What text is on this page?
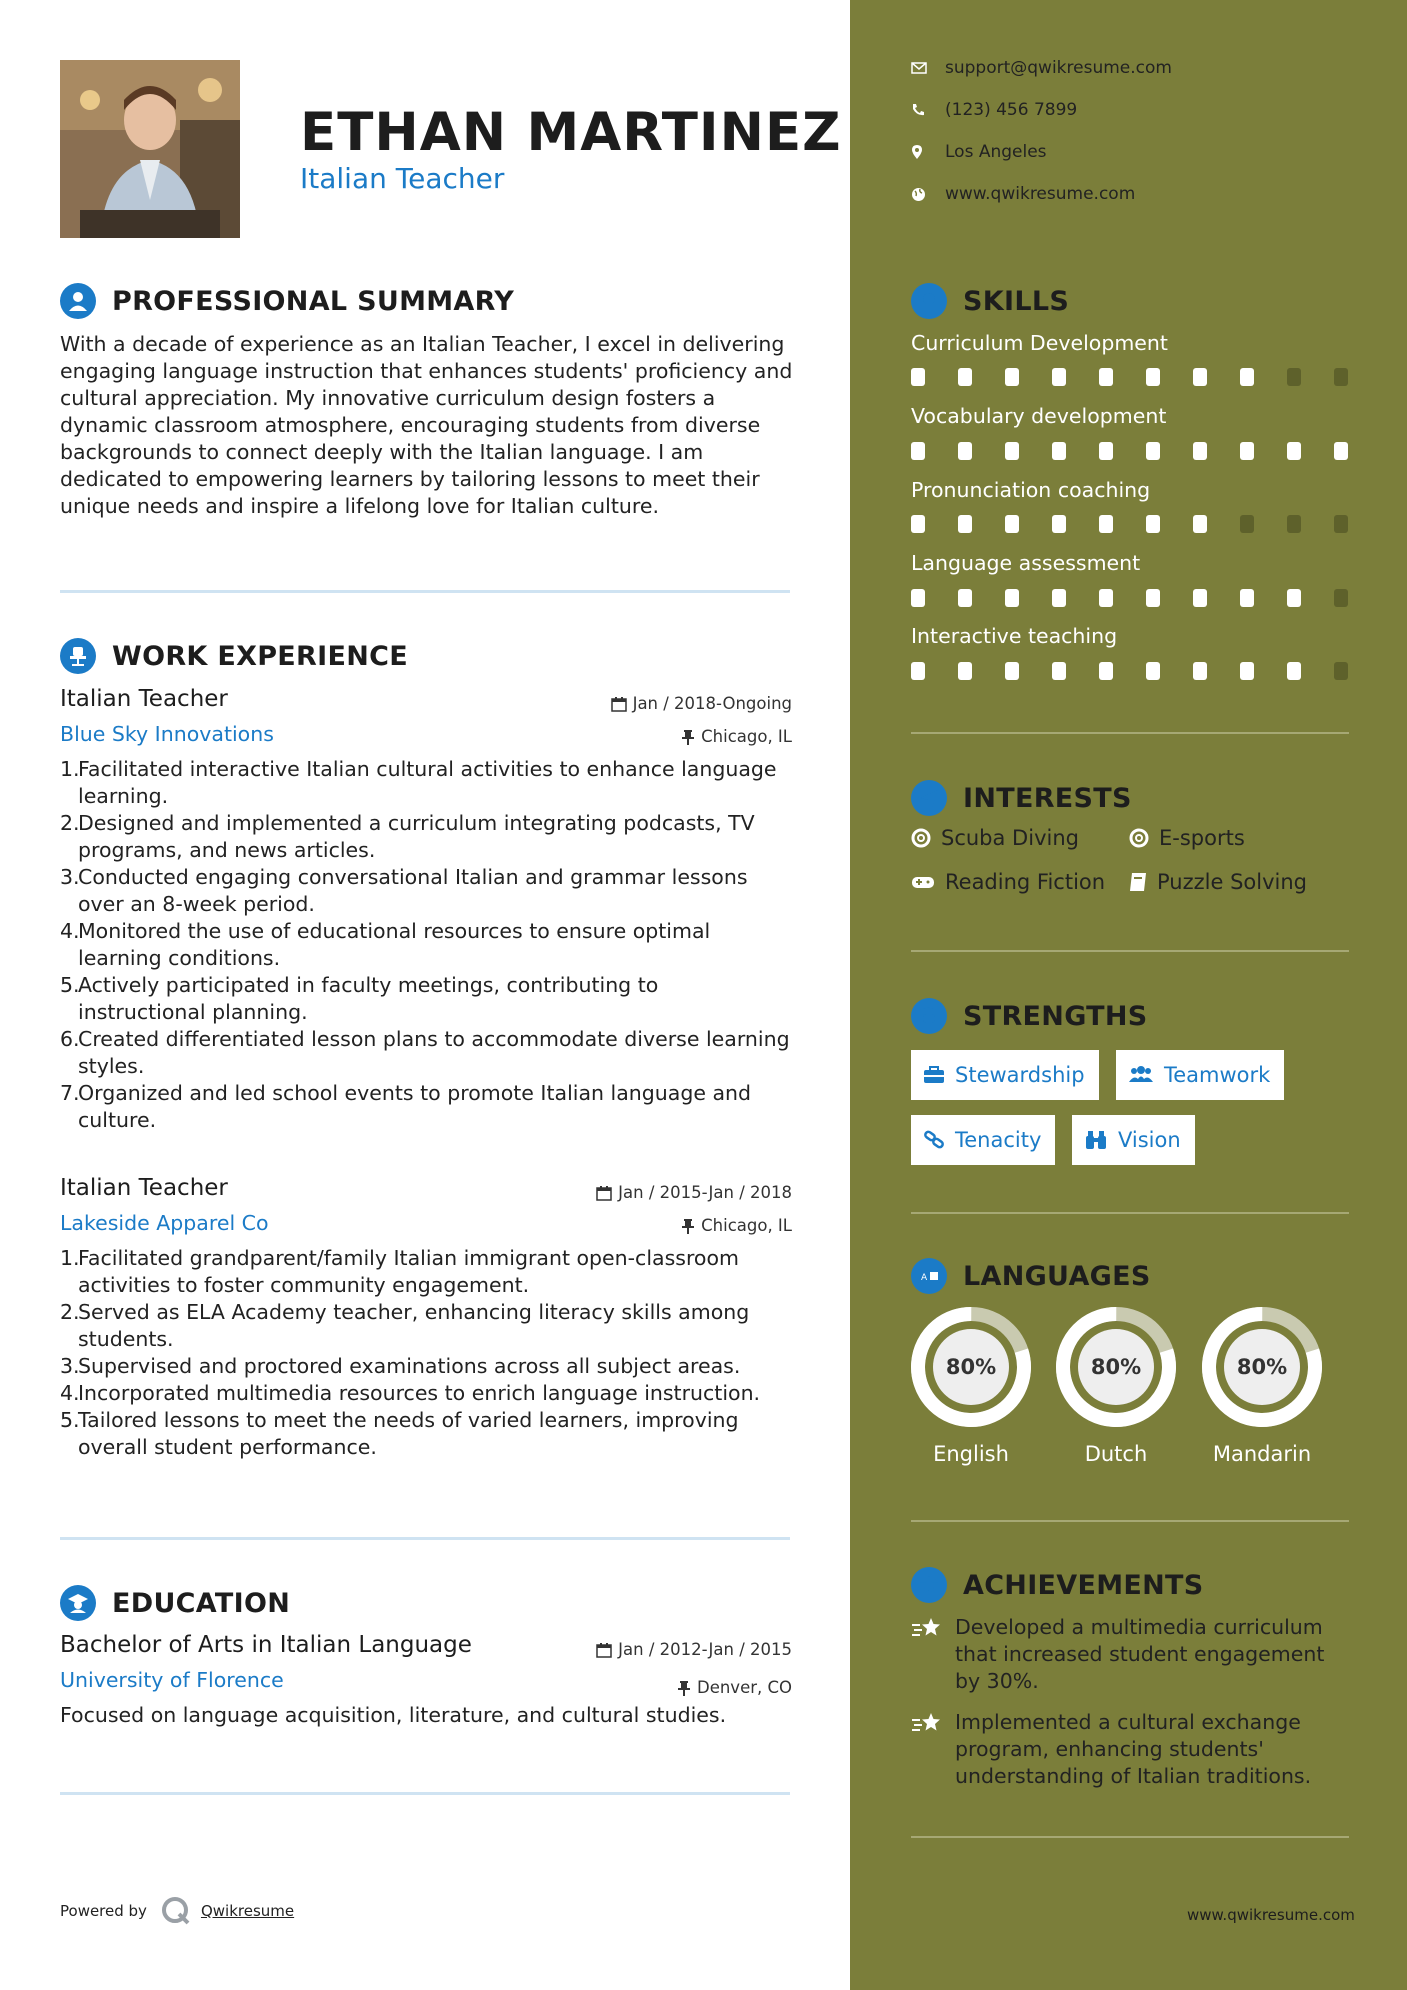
ETHAN MARTINEZ
Italian Teacher
PROFESSIONAL SUMMARY
With a decade of experience as an Italian Teacher, I excel in delivering engaging language instruction that enhances students' proficiency and cultural appreciation. My innovative curriculum design fosters a dynamic classroom atmosphere, encouraging students from diverse backgrounds to connect deeply with the Italian language. I am dedicated to empowering learners by tailoring lessons to meet their unique needs and inspire a lifelong love for Italian culture.
WORK EXPERIENCE
Italian Teacher	Jan / 2018-Ongoing
Blue Sky Innovations	Chicago, IL
1.
Facilitated interactive Italian cultural activities to enhance language learning.
2.
Designed and implemented a curriculum integrating podcasts, TV programs, and news articles.
3.
Conducted engaging conversational Italian and grammar lessons over an 8-week period.
4.
Monitored the use of educational resources to ensure optimal learning conditions.
5.
Actively participated in faculty meetings, contributing to instructional planning.
6.
Created differentiated lesson plans to accommodate diverse learning styles.
7.
Organized and led school events to promote Italian language and culture.
Italian Teacher	Jan / 2015-Jan / 2018
Lakeside Apparel Co	Chicago, IL
1.
Facilitated grandparent/family Italian immigrant open-classroom activities to foster community engagement.
2.
Served as ELA Academy teacher, enhancing literacy skills among students.
3.
Supervised and proctored examinations across all subject areas.
4.
Incorporated multimedia resources to enrich language instruction.
5.
Tailored lessons to meet the needs of varied learners, improving overall student performance.
EDUCATION
Bachelor of Arts in Italian Language	Jan / 2012-Jan / 2015
University of Florence	Denver, CO
Focused on language acquisition, literature, and cultural studies.
Powered by	Qwikresume
support@qwikresume.com
(123) 456 7899
Los Angeles
www.qwikresume.com
SKILLS
Curriculum Development
Vocabulary development
Pronunciation coaching
Language assessment
Interactive teaching
INTERESTS
Scuba Diving	E-sports
Reading Fiction Puzzle Solving
STRENGTHS
Stewardship	Teamwork
Tenacity	Vision
A LANGUAGES
80%
English
80%
Dutch
80%
Mandarin
ACHIEVEMENTS
Developed a multimedia curriculum that increased student engagement by 30%.
Implemented a cultural exchange program, enhancing students' understanding of Italian traditions.
www.qwikresume.com
